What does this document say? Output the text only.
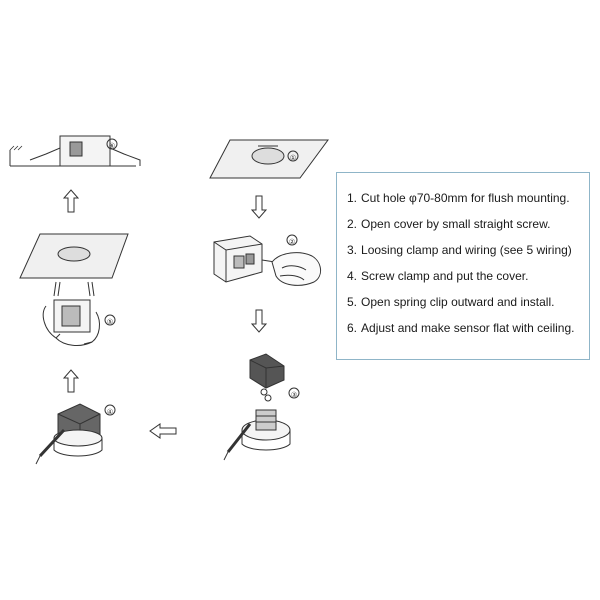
①
②
③
④
⑤
⑥
1. Cut hole φ70-80mm for flush mounting.
2. Open cover by small straight screw.
3. Loosing clamp and wiring (see 5 wiring)
4. Screw clamp and put the cover.
5. Open spring clip outward and install.
6. Adjust and make sensor flat with ceiling.
